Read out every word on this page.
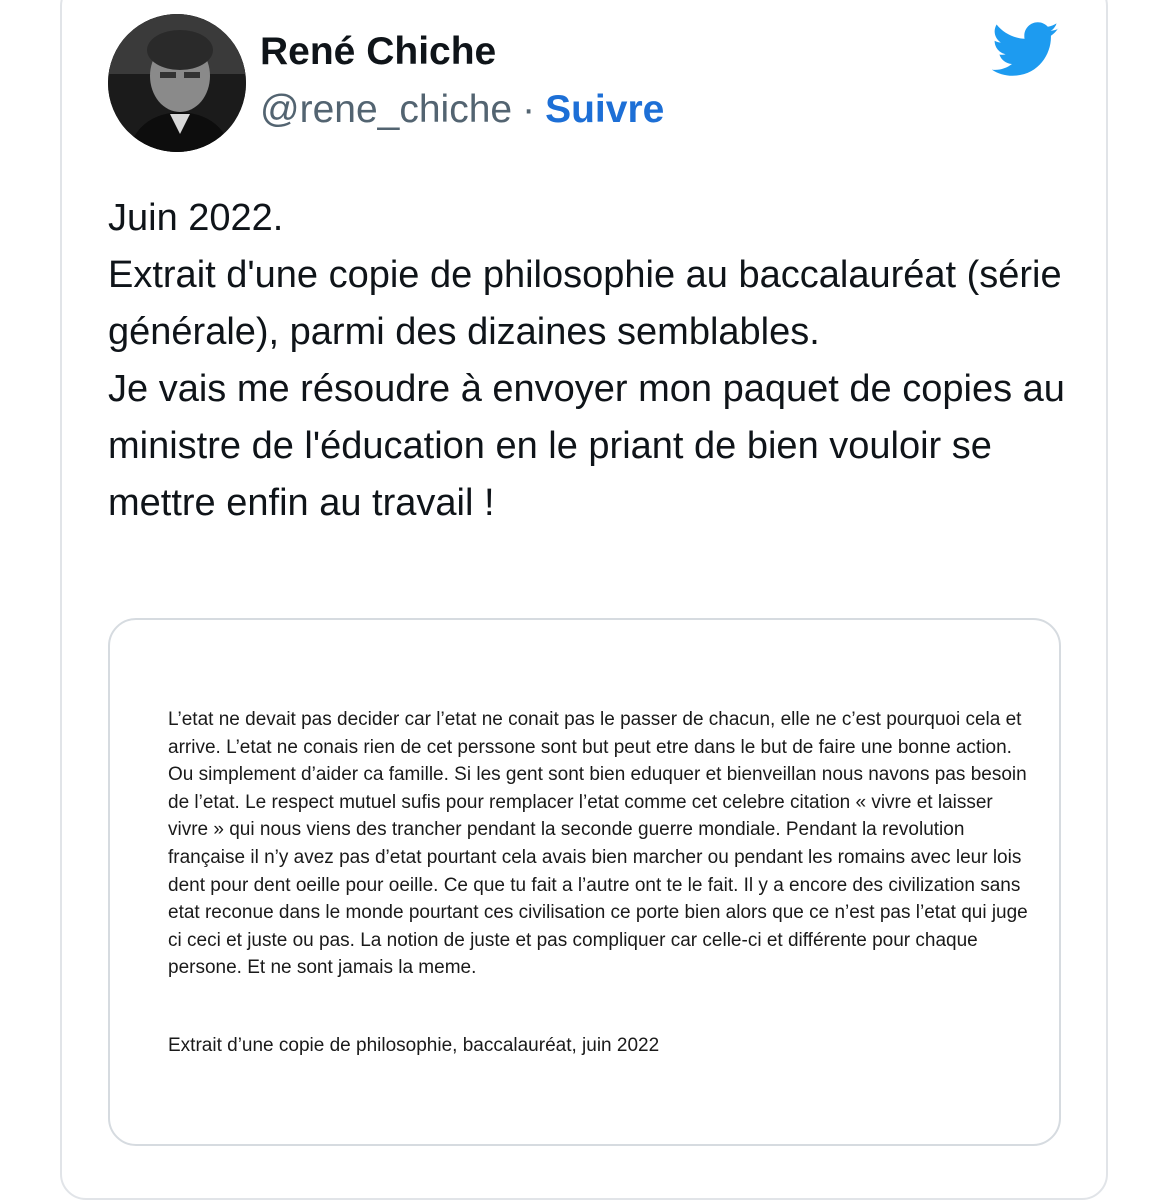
René Chiche
@rene_chiche · Suivre

Juin 2022.

Extrait d'une copie de philosophie au baccalauréat (série générale), parmi des dizaines semblables.

Je vais me résoudre à envoyer mon paquet de copies au ministre de l'éducation en le priant de bien vouloir se mettre enfin au travail !

L’etat ne devait pas decider car l’etat ne conait pas le passer de chacun, elle ne c’est pourquoi cela et arrive. L’etat ne conais rien de cet perssone sont but peut etre dans le but de faire une bonne action. Ou simplement d’aider ca famille. Si les gent sont bien eduquer et bienveillan nous navons pas besoin de l’etat. Le respect mutuel sufis pour remplacer l’etat comme cet celebre citation « vivre et laisser vivre » qui nous viens des trancher pendant la seconde guerre mondiale. Pendant la revolution française il n’y avez pas d’etat pourtant cela avais bien marcher ou pendant les romains avec leur lois dent pour dent oeille pour oeille. Ce que tu fait a l’autre ont te le fait. Il y a encore des civilization sans etat reconue dans le monde pourtant ces civilisation ce porte bien alors que ce n’est pas l’etat qui juge ci ceci et juste ou pas. La notion de juste et pas compliquer car celle-ci et différente pour chaque persone. Et ne sont jamais la meme.

Extrait d’une copie de philosophie, baccalauréat, juin 2022
